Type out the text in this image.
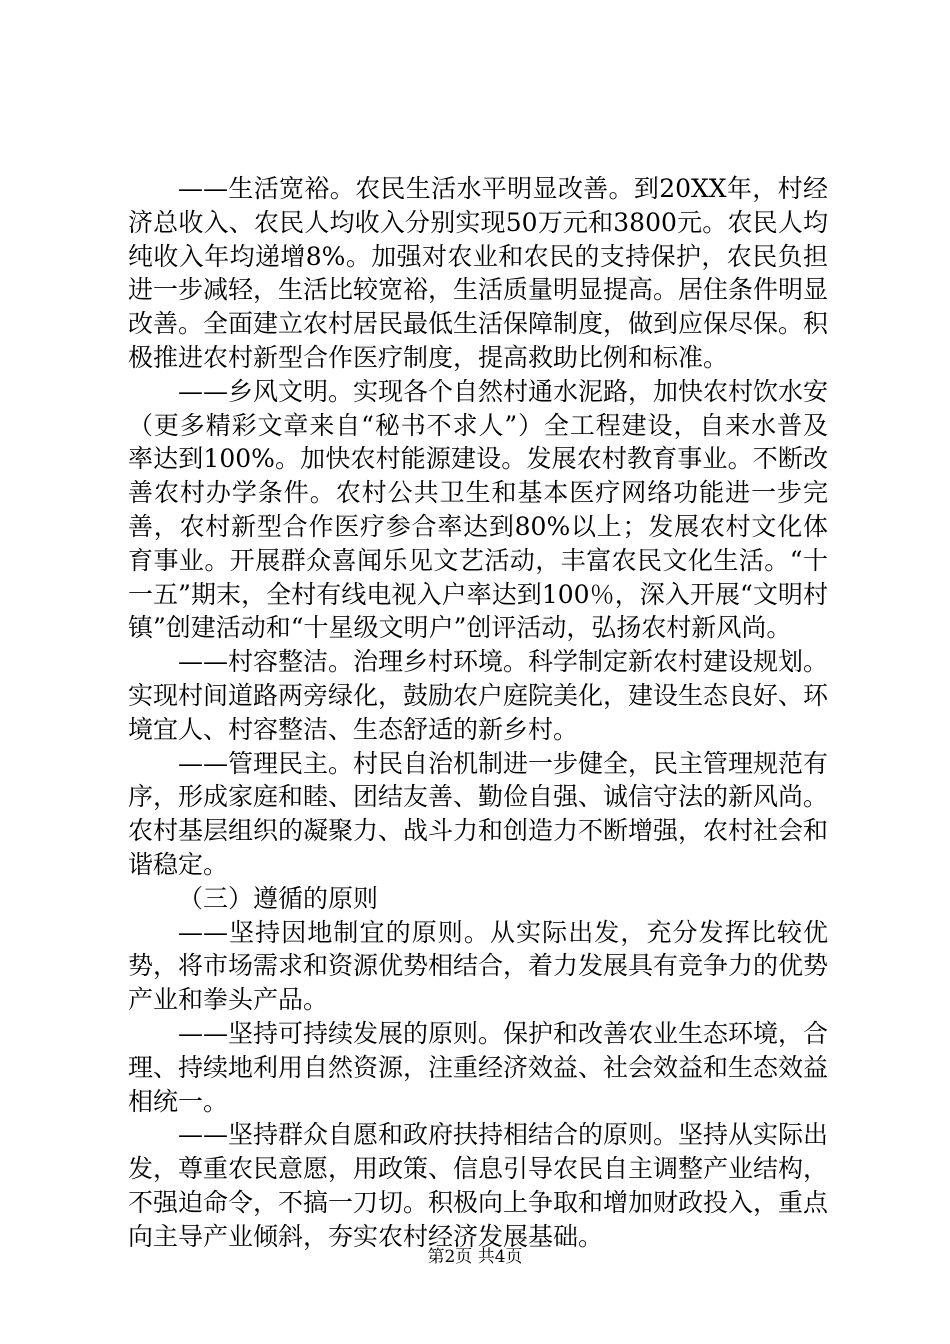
——生活宽裕。农民生活水平明显改善。到20XX年，村经济总收入、农民人均收入分别实现50万元和3800元。农民人均纯收入年均递增8%。加强对农业和农民的支持保护，农民负担进一步减轻，生活比较宽裕，生活质量明显提高。居住条件明显改善。全面建立农村居民最低生活保障制度，做到应保尽保。积极推进农村新型合作医疗制度，提高救助比例和标准。

——乡风文明。实现各个自然村通水泥路，加快农村饮水安（更多精彩文章来自“秘书不求人”）全工程建设，自来水普及率达到100%。加快农村能源建设。发展农村教育事业。不断改善农村办学条件。农村公共卫生和基本医疗网络功能进一步完善，农村新型合作医疗参合率达到80%以上；发展农村文化体育事业。开展群众喜闻乐见文艺活动，丰富农民文化生活。“十一五”期末，全村有线电视入户率达到100％，深入开展“文明村镇”创建活动和“十星级文明户”创评活动，弘扬农村新风尚。

——村容整洁。治理乡村环境。科学制定新农村建设规划。实现村间道路两旁绿化，鼓励农户庭院美化，建设生态良好、环境宜人、村容整洁、生态舒适的新乡村。

——管理民主。村民自治机制进一步健全，民主管理规范有序，形成家庭和睦、团结友善、勤俭自强、诚信守法的新风尚。农村基层组织的凝聚力、战斗力和创造力不断增强，农村社会和谐稳定。

（三）遵循的原则

——坚持因地制宜的原则。从实际出发，充分发挥比较优势，将市场需求和资源优势相结合，着力发展具有竞争力的优势产业和拳头产品。

——坚持可持续发展的原则。保护和改善农业生态环境，合理、持续地利用自然资源，注重经济效益、社会效益和生态效益相统一。

——坚持群众自愿和政府扶持相结合的原则。坚持从实际出发，尊重农民意愿，用政策、信息引导农民自主调整产业结构，不强迫命令，不搞一刀切。积极向上争取和增加财政投入，重点向主导产业倾斜，夯实农村经济发展基础。

第2页 共4页
